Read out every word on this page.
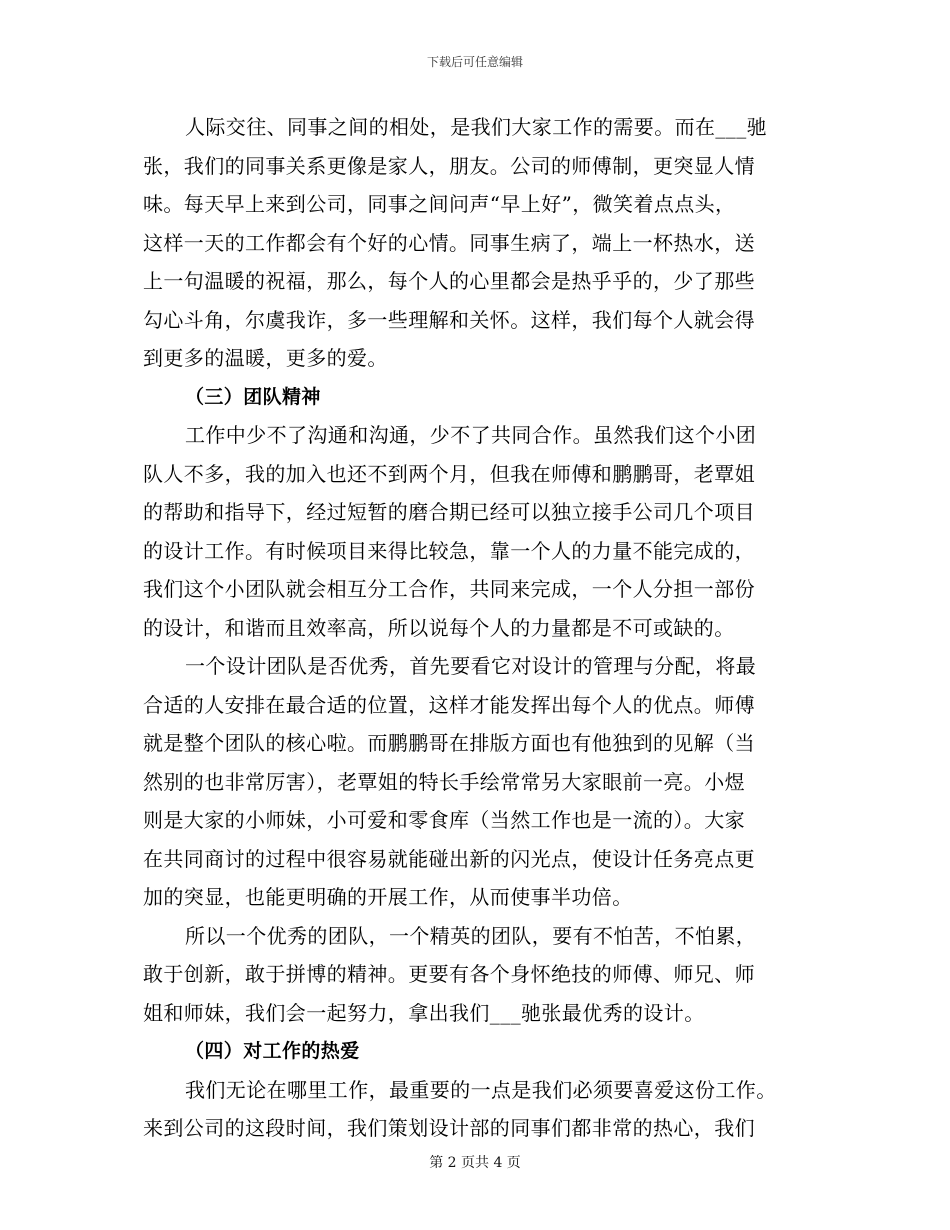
下载后可任意编辑
人际交往、同事之间的相处，是我们大家工作的需要。而在___驰
张，我们的同事关系更像是家人，朋友。公司的师傅制，更突显人情
味。每天早上来到公司，同事之间问声“早上好”，微笑着点点头，
这样一天的工作都会有个好的心情。同事生病了，端上一杯热水，送
上一句温暖的祝福，那么，每个人的心里都会是热乎乎的，少了那些
勾心斗角，尔虞我诈，多一些理解和关怀。这样，我们每个人就会得
到更多的温暖，更多的爱。
（三）团队精神
工作中少不了沟通和沟通，少不了共同合作。虽然我们这个小团
队人不多，我的加入也还不到两个月，但我在师傅和鹏鹏哥，老覃姐
的帮助和指导下，经过短暂的磨合期已经可以独立接手公司几个项目
的设计工作。有时候项目来得比较急，靠一个人的力量不能完成的，
我们这个小团队就会相互分工合作，共同来完成，一个人分担一部份
的设计，和谐而且效率高，所以说每个人的力量都是不可或缺的。
一个设计团队是否优秀，首先要看它对设计的管理与分配，将最
合适的人安排在最合适的位置，这样才能发挥出每个人的优点。师傅
就是整个团队的核心啦。而鹏鹏哥在排版方面也有他独到的见解（当
然别的也非常厉害），老覃姐的特长手绘常常另大家眼前一亮。小煜
则是大家的小师妹，小可爱和零食库（当然工作也是一流的）。大家
在共同商讨的过程中很容易就能碰出新的闪光点，使设计任务亮点更
加的突显，也能更明确的开展工作，从而使事半功倍。
所以一个优秀的团队，一个精英的团队，要有不怕苦，不怕累，
敢于创新，敢于拼博的精神。更要有各个身怀绝技的师傅、师兄、师
姐和师妹，我们会一起努力，拿出我们___驰张最优秀的设计。
（四）对工作的热爱
我们无论在哪里工作，最重要的一点是我们必须要喜爱这份工作。
来到公司的这段时间，我们策划设计部的同事们都非常的热心，我们
第 2 页共 4 页
